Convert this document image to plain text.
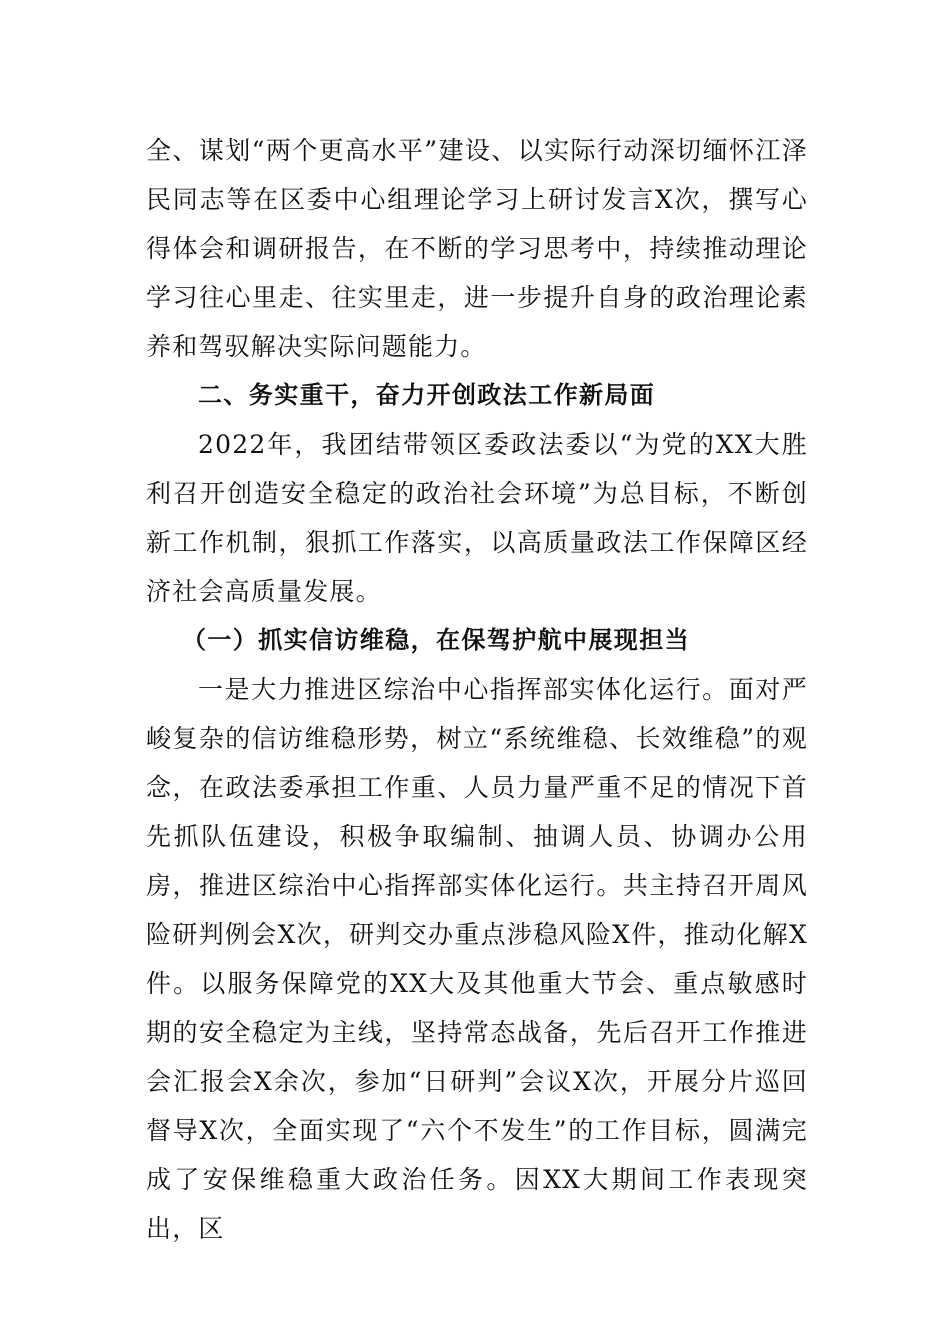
全、谋划“两个更高水平”建设、以实际行动深切缅怀江泽民同志等在区委中心组理论学习上研讨发言X次，撰写心得体会和调研报告，在不断的学习思考中，持续推动理论学习往心里走、往实里走，进一步提升自身的政治理论素养和驾驭解决实际问题能力。

二、务实重干，奋力开创政法工作新局面

2022年，我团结带领区委政法委以“为党的XX大胜利召开创造安全稳定的政治社会环境”为总目标，不断创新工作机制，狠抓工作落实，以高质量政法工作保障区经济社会高质量发展。

（一）抓实信访维稳，在保驾护航中展现担当

一是大力推进区综治中心指挥部实体化运行。面对严峻复杂的信访维稳形势，树立“系统维稳、长效维稳”的观念，在政法委承担工作重、人员力量严重不足的情况下首先抓队伍建设，积极争取编制、抽调人员、协调办公用房，推进区综治中心指挥部实体化运行。共主持召开周风险研判例会X次，研判交办重点涉稳风险X件，推动化解X件。以服务保障党的XX大及其他重大节会、重点敏感时期的安全稳定为主线，坚持常态战备，先后召开工作推进会汇报会X余次，参加“日研判”会议X次，开展分片巡回督导X次，全面实现了“六个不发生”的工作目标，圆满完成了安保维稳重大政治任务。因XX大期间工作表现突出，区
